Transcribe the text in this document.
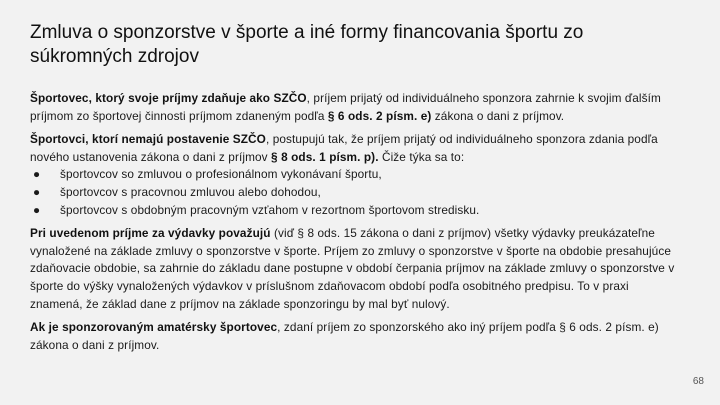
Zmluva o sponzorstve v športe a iné formy financovania športu zo súkromných zdrojov

Športovec, ktorý svoje príjmy zdaňuje ako SZČO, príjem prijatý od individuálneho sponzora zahrnie k svojim ďalším príjmom zo športovej činnosti príjmom zdaneným podľa § 6 ods. 2 písm. e) zákona o dani z príjmov.

Športovci, ktorí nemajú postavenie SZČO, postupujú tak, že príjem prijatý od individuálneho sponzora zdania podľa nového ustanovenia zákona o dani z príjmov § 8 ods. 1 písm. p). Čiže týka sa to:

● športovcov so zmluvou o profesionálnom vykonávaní športu,
● športovcov s pracovnou zmluvou alebo dohodou,
● športovcov s obdobným pracovným vzťahom v rezortnom športovom stredisku.

Pri uvedenom príjme za výdavky považujú (viď § 8 ods. 15 zákona o dani z príjmov) všetky výdavky preukázateľne vynaložené na základe zmluvy o sponzorstve v športe. Príjem zo zmluvy o sponzorstve v športe na obdobie presahujúce zdaňovacie obdobie, sa zahrnie do základu dane postupne v období čerpania príjmov na základe zmluvy o sponzorstve v športe do výšky vynaložených výdavkov v príslušnom zdaňovacom období podľa osobitného predpisu. To v praxi znamená, že základ dane z príjmov na základe sponzoringu by mal byť nulový.

Ak je sponzorovaným amatérsky športovec, zdaní príjem zo sponzorského ako iný príjem podľa § 6 ods. 2 písm. e) zákona o dani z príjmov.

68
